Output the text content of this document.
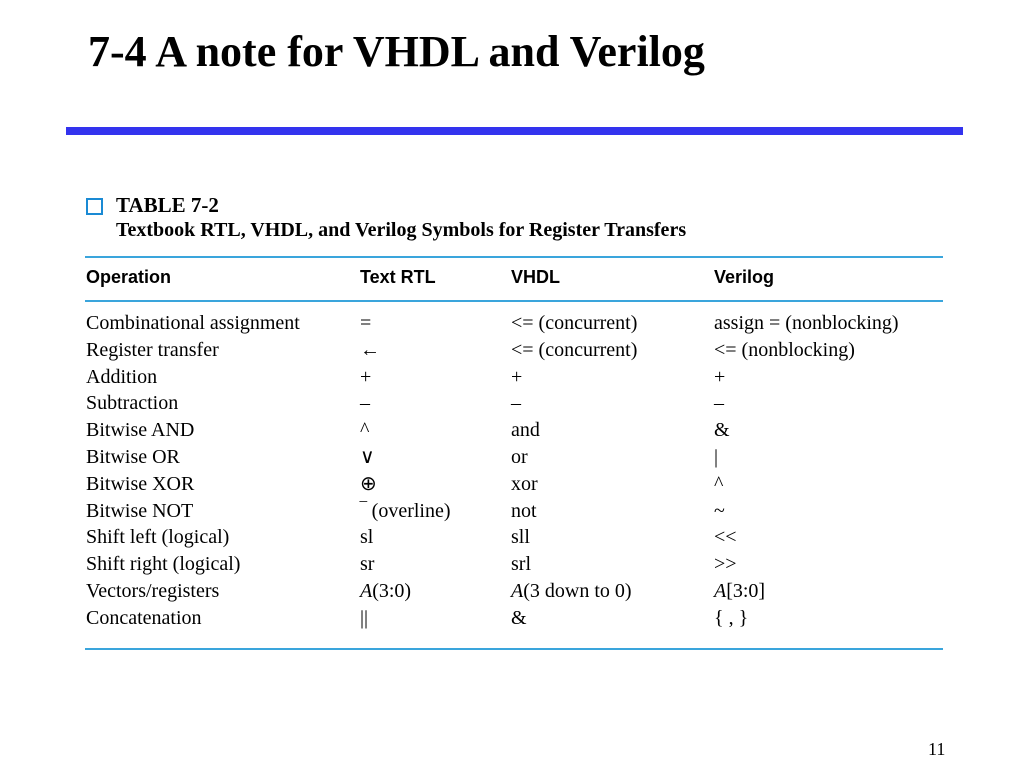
7-4 A note for VHDL and Verilog
TABLE 7-2
Textbook RTL, VHDL, and Verilog Symbols for Register Transfers
Operation	Text RTL	VHDL	Verilog
Combinational assignment	=	<= (concurrent)	assign = (nonblocking)
Register transfer	←	<= (concurrent)	<= (nonblocking)
Addition	+	+	+
Subtraction	–	–	–
Bitwise AND	^	and	&
Bitwise OR	∨	or	|
Bitwise XOR	⊕	xor	^
Bitwise NOT	‾ (overline)	not	~
Shift left (logical)	sl	sll	<<
Shift right (logical)	sr	srl	>>
Vectors/registers	A(3:0)	A(3 down to 0)	A[3:0]
Concatenation	||	&	{ , }
11
